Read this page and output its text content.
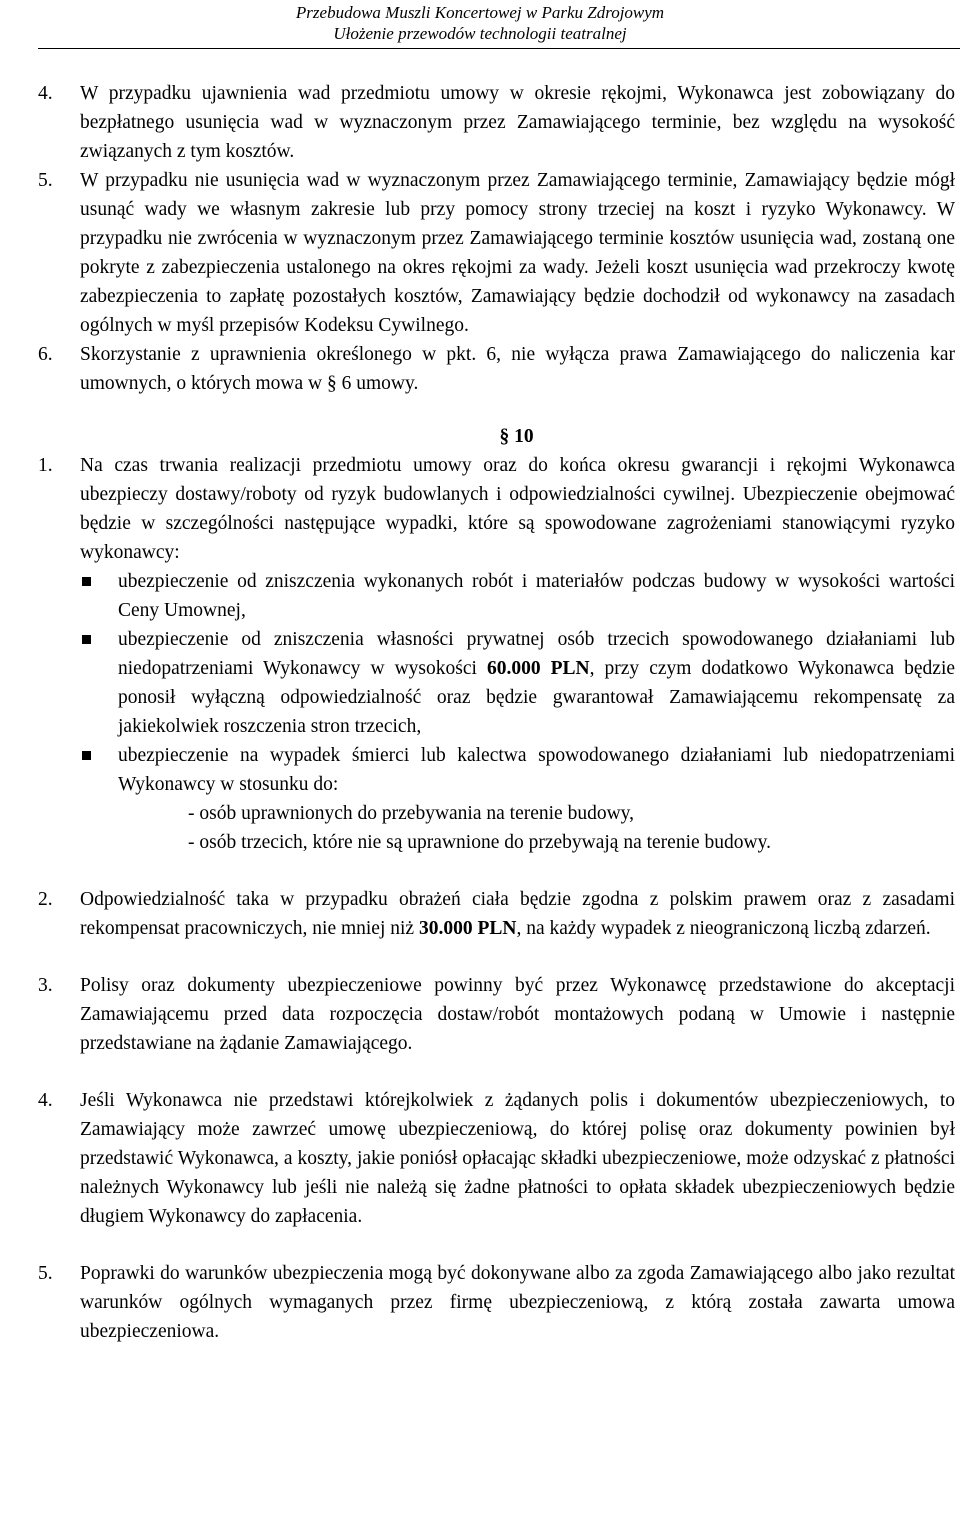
Przebudowa Muszli Koncertowej w Parku Zdrojowym
Ułożenie przewodów technologii teatralnej

4. W przypadku ujawnienia wad przedmiotu umowy w okresie rękojmi, Wykonawca jest zobowiązany do bezpłatnego usunięcia wad w wyznaczonym przez Zamawiającego terminie, bez względu na wysokość związanych z tym kosztów.

5. W przypadku nie usunięcia wad w wyznaczonym przez Zamawiającego terminie, Zamawiający będzie mógł usunąć wady we własnym zakresie lub przy pomocy strony trzeciej na koszt i ryzyko Wykonawcy. W przypadku nie zwrócenia w wyznaczonym przez Zamawiającego terminie kosztów usunięcia wad, zostaną one pokryte z zabezpieczenia ustalonego na okres rękojmi za wady. Jeżeli koszt usunięcia wad przekroczy kwotę zabezpieczenia to zapłatę pozostałych kosztów, Zamawiający będzie dochodził od wykonawcy na zasadach ogólnych w myśl przepisów Kodeksu Cywilnego.

6. Skorzystanie z uprawnienia określonego w pkt. 6, nie wyłącza prawa Zamawiającego do naliczenia kar umownych, o których mowa w § 6 umowy.

§ 10

1. Na czas trwania realizacji przedmiotu umowy oraz do końca okresu gwarancji i rękojmi Wykonawca ubezpieczy dostawy/roboty od ryzyk budowlanych i odpowiedzialności cywilnej. Ubezpieczenie obejmować będzie w szczególności następujące wypadki, które są spowodowane zagrożeniami stanowiącymi ryzyko wykonawcy:

ubezpieczenie od zniszczenia wykonanych robót i materiałów podczas budowy w wysokości wartości Ceny Umownej,
ubezpieczenie od zniszczenia własności prywatnej osób trzecich spowodowanego działaniami lub niedopatrzeniami Wykonawcy w wysokości 60.000 PLN, przy czym dodatkowo Wykonawca będzie ponosił wyłączną odpowiedzialność oraz będzie gwarantował Zamawiającemu rekompensatę za jakiekolwiek roszczenia stron trzecich,
ubezpieczenie na wypadek śmierci lub kalectwa spowodowanego działaniami lub niedopatrzeniami Wykonawcy w stosunku do:

- osób uprawnionych do przebywania na terenie budowy,

- osób trzecich, które nie są uprawnione do przebywają na terenie budowy.

2. Odpowiedzialność taka w przypadku obrażeń ciała będzie zgodna z polskim prawem oraz z zasadami rekompensat pracowniczych, nie mniej niż 30.000 PLN, na każdy wypadek z nieograniczoną liczbą zdarzeń.

3. Polisy oraz dokumenty ubezpieczeniowe powinny być przez Wykonawcę przedstawione do akceptacji Zamawiającemu przed data rozpoczęcia dostaw/robót montażowych podaną w Umowie i następnie przedstawiane na żądanie Zamawiającego.

4. Jeśli Wykonawca nie przedstawi którejkolwiek z żądanych polis i dokumentów ubezpieczeniowych, to Zamawiający może zawrzeć umowę ubezpieczeniową, do której polisę oraz dokumenty powinien był przedstawić Wykonawca, a koszty, jakie poniósł opłacając składki ubezpieczeniowe, może odzyskać z płatności należnych Wykonawcy lub jeśli nie należą się żadne płatności to opłata składek ubezpieczeniowych będzie długiem Wykonawcy do zapłacenia.

5. Poprawki do warunków ubezpieczenia mogą być dokonywane albo za zgoda Zamawiającego albo jako rezultat warunków ogólnych wymaganych przez firmę ubezpieczeniową, z którą została zawarta umowa ubezpieczeniowa.
